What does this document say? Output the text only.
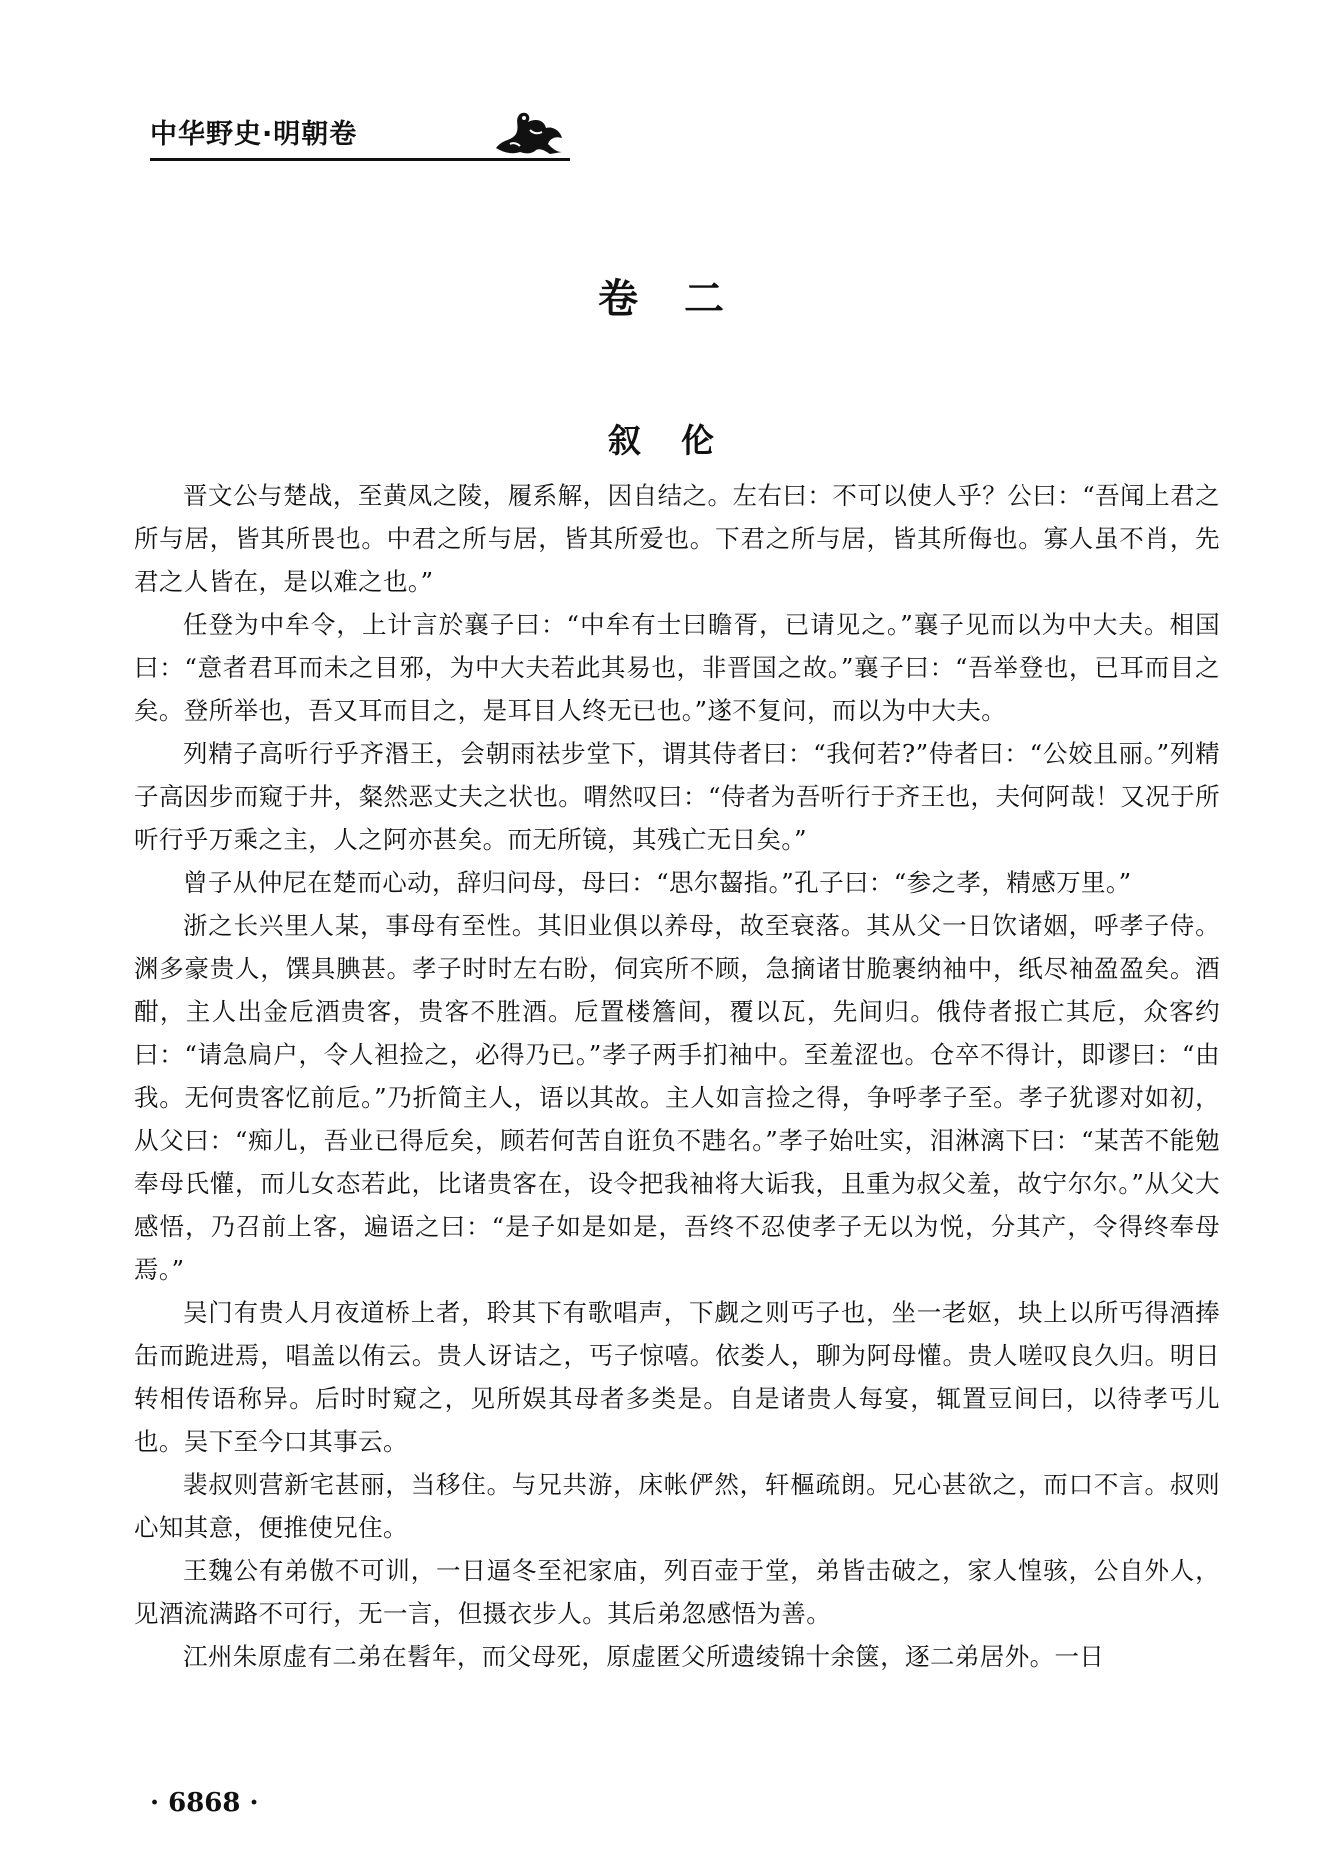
中华野史·明朝卷
卷二
叙伦

晋文公与楚战，至黄凤之陵，履系解，因自结之。左右曰：不可以使人乎？公曰：“吾闻上君之所与居，皆其所畏也。中君之所与居，皆其所爱也。下君之所与居，皆其所侮也。寡人虽不肖，先君之人皆在，是以难之也。”

任登为中牟令，上计言於襄子曰：“中牟有士曰瞻胥，已请见之。”襄子见而以为中大夫。相国曰：“意者君耳而未之目邪，为中大夫若此其易也，非晋国之故。”襄子曰：“吾举登也，已耳而目之矣。登所举也，吾又耳而目之，是耳目人终无已也。”遂不复问，而以为中大夫。

列精子高听行乎齐湣王，会朝雨祛步堂下，谓其侍者曰：“我何若?”侍者曰：“公姣且丽。”列精子高因步而窥于井，粲然恶丈夫之状也。喟然叹曰：“侍者为吾听行于齐王也，夫何阿哉！又况于所听行乎万乘之主，人之阿亦甚矣。而无所镜，其残亡无日矣。”

曾子从仲尼在楚而心动，辞归问母，母曰：“思尔齧指。”孔子曰：“参之孝，精感万里。”

浙之长兴里人某，事母有至性。其旧业俱以养母，故至衰落。其从父一日饮诸姻，呼孝子侍。渊多豪贵人，馔具腆甚。孝子时时左右盼，伺宾所不顾，急摘诸甘脆裹纳袖中，纸尽袖盈盈矣。酒酣，主人出金卮酒贵客，贵客不胜酒。卮置楼簷间，覆以瓦，先间归。俄侍者报亡其卮，众客约曰：“请急扃户，令人袒捡之，必得乃已。”孝子两手扪袖中。至羞涩也。仓卒不得计，即谬曰：“由我。无何贵客忆前卮。”乃折简主人，语以其故。主人如言捡之得，争呼孝子至。孝子犹谬对如初，从父曰：“痴儿，吾业已得卮矣，顾若何苦自诳负不韪名。”孝子始吐实，泪淋漓下曰：“某苦不能勉奉母氏懽，而儿女态若此，比诸贵客在，设令把我袖将大诟我，且重为叔父羞，故宁尔尔。”从父大感悟，乃召前上客，遍语之曰：“是子如是如是，吾终不忍使孝子无以为悦，分其产，令得终奉母焉。”

吴门有贵人月夜道桥上者，聆其下有歌唱声，下觑之则丐子也，坐一老妪，块上以所丐得酒捧缶而跪进焉，唱盖以侑云。贵人讶诘之，丐子惊嘻。依娄人，聊为阿母懽。贵人嗟叹良久归。明日转相传语称异。后时时窥之，见所娱其母者多类是。自是诸贵人每宴，辄置豆间曰，以待孝丐儿也。吴下至今口其事云。

裴叔则营新宅甚丽，当移住。与兄共游，床帐俨然，轩樞疏朗。兄心甚欲之，而口不言。叔则心知其意，便推使兄住。

王魏公有弟傲不可训，一日逼冬至祀家庙，列百壶于堂，弟皆击破之，家人惶骇，公自外人，见酒流满路不可行，无一言，但摄衣步人。其后弟忽感悟为善。

江州朱原虚有二弟在髫年，而父母死，原虚匿父所遗绫锦十余箧，逐二弟居外。一日

· 6868 ·
